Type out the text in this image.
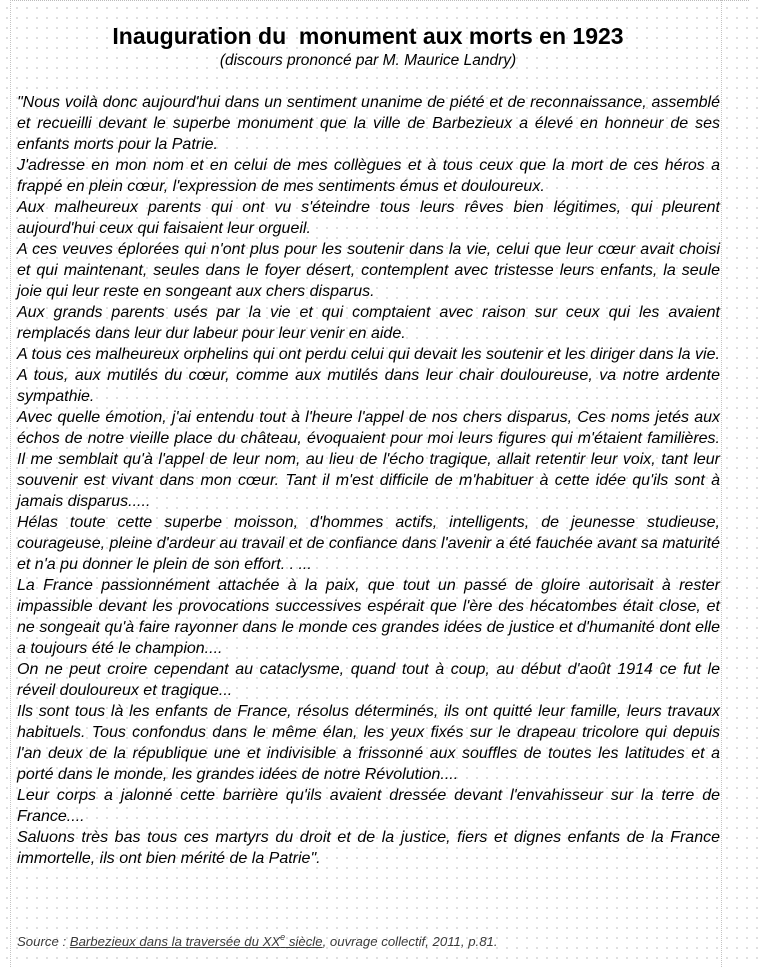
Inauguration du  monument aux morts en 1923
(discours prononcé par M. Maurice Landry)

"Nous voilà donc aujourd'hui dans un sentiment unanime de piété et de reconnaissance, assemblé et recueilli devant le superbe monument que la ville de Barbezieux a élevé en honneur de ses enfants morts pour la Patrie.

J'adresse en mon nom et en celui de mes collègues et à tous ceux que la mort de ces héros a frappé en plein cœur, l'expression de mes sentiments émus et douloureux.

Aux malheureux parents qui ont vu s'éteindre tous leurs rêves bien légitimes, qui pleurent aujourd'hui ceux qui faisaient leur orgueil.

A ces veuves éplorées qui n'ont plus pour les soutenir dans la vie, celui que leur cœur avait choisi et qui maintenant, seules dans le foyer désert, contemplent avec tristesse leurs enfants, la seule joie qui leur reste en songeant aux chers disparus.

Aux grands parents usés par la vie et qui comptaient avec raison sur ceux qui les avaient remplacés dans leur dur labeur pour leur venir en aide.

A tous ces malheureux orphelins qui ont perdu celui qui devait les soutenir et les diriger dans la vie.

A tous, aux mutilés du cœur, comme aux mutilés dans leur chair douloureuse, va notre ardente sympathie.

Avec quelle émotion, j'ai entendu tout à l'heure l'appel de nos chers disparus, Ces noms jetés aux échos de notre vieille place du château, évoquaient pour moi leurs figures qui m'étaient familières. Il me semblait qu'à l'appel de leur nom, au lieu de l'écho tragique, allait retentir leur voix, tant leur souvenir est vivant dans mon cœur. Tant il m'est difficile de m'habituer à cette idée qu'ils sont à jamais disparus.....

Hélas toute cette superbe moisson, d'hommes actifs, intelligents, de jeunesse studieuse, courageuse, pleine d'ardeur au travail et de confiance dans l'avenir a été fauchée avant sa maturité et n'a pu donner le plein de son effort. . ...

La France passionnément attachée à la paix, que tout un passé de gloire autorisait à rester impassible devant les provocations successives espérait que l'ère des hécatombes était close, et ne songeait qu'à faire rayonner dans le monde ces grandes idées de justice et d'humanité dont elle a toujours été le champion....

On ne peut croire cependant au cataclysme, quand tout à coup, au début d'août 1914 ce fut le réveil douloureux et tragique...

Ils sont tous là les enfants de France, résolus déterminés, ils ont quitté leur famille, leurs travaux habituels. Tous confondus dans le même élan, les yeux fixés sur le drapeau tricolore qui depuis l'an deux de la république une et indivisible a frissonné aux souffles de toutes les latitudes et a porté dans le monde, les grandes idées de notre Révolution....

Leur corps a jalonné cette barrière qu'ils avaient dressée devant l'envahisseur sur la terre de France....

Saluons très bas tous ces martyrs du droit et de la justice, fiers et dignes enfants de la France immortelle, ils ont bien mérité de la Patrie".

Source : Barbezieux dans la traversée du XXe siècle, ouvrage collectif, 2011, p.81.
